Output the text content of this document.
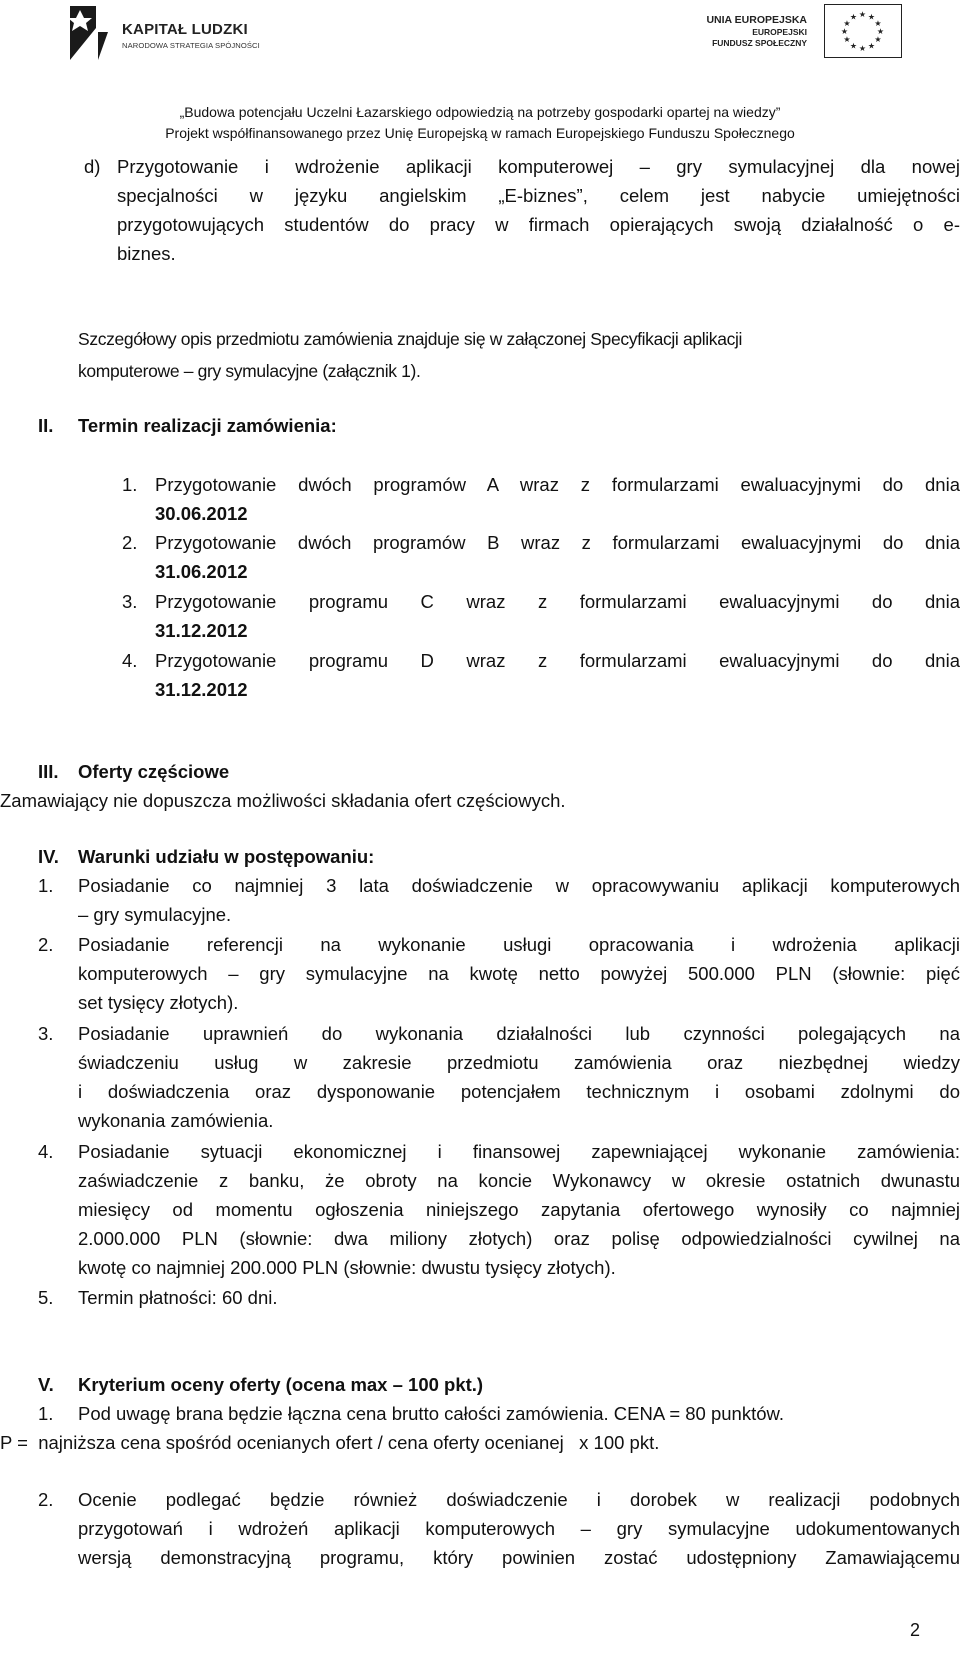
KAPITAŁ LUDZKI
NARODOWA STRATEGIA SPÓJNOŚCI
UNIA EUROPEJSKA
EUROPEJSKI
FUNDUSZ SPOŁECZNY
★ ★
★
★
★
★
★
★
★
★
★
★
„Budowa potencjału Uczelni Łazarskiego odpowiedzią na potrzeby gospodarki opartej na wiedzy”
Projekt współfinansowanego przez Unię Europejską w ramach Europejskiego Funduszu Społecznego
d) Przygotowanie i wdrożenie aplikacji komputerowej – gry symulacyjnej dla nowej
specjalności w języku angielskim „E-biznes”, celem jest nabycie umiejętności
przygotowujących studentów do pracy w firmach opierających swoją działalność o e-
biznes.
Szczegółowy opis przedmiotu zamówienia znajduje się w załączonej Specyfikacji aplikacji
komputerowe – gry symulacyjne (załącznik 1).
II. Termin realizacji zamówienia:
1. Przygotowanie dwóch programów A wraz z formularzami ewaluacyjnymi do dnia
30.06.2012
2. Przygotowanie dwóch programów B wraz z formularzami ewaluacyjnymi do dnia
31.06.2012
3. Przygotowanie programu C wraz z formularzami ewaluacyjnymi do dnia
31.12.2012
4. Przygotowanie programu D wraz z formularzami ewaluacyjnymi do dnia
31.12.2012
III. Oferty częściowe
Zamawiający nie dopuszcza możliwości składania ofert częściowych.
IV. Warunki udziału w postępowaniu:
1. Posiadanie co najmniej 3 lata doświadczenie w opracowywaniu aplikacji komputerowych
– gry symulacyjne.
2. Posiadanie referencji na wykonanie usługi opracowania i wdrożenia aplikacji
komputerowych – gry symulacyjne na kwotę netto powyżej 500.000 PLN (słownie: pięć
set tysięcy złotych).
3. Posiadanie uprawnień do wykonania działalności lub czynności polegających na
świadczeniu usług w zakresie przedmiotu zamówienia oraz niezbędnej wiedzy
i doświadczenia oraz dysponowanie potencjałem technicznym i osobami zdolnymi do
wykonania zamówienia.
4. Posiadanie sytuacji ekonomicznej i finansowej zapewniającej wykonanie zamówienia:
zaświadczenie z banku, że obroty na koncie Wykonawcy w okresie ostatnich dwunastu
miesięcy od momentu ogłoszenia niniejszego zapytania ofertowego wynosiły co najmniej
2.000.000 PLN (słownie: dwa miliony złotych) oraz polisę odpowiedzialności cywilnej na
kwotę co najmniej 200.000 PLN (słownie: dwustu tysięcy złotych).
5. Termin płatności: 60 dni.
V. Kryterium oceny oferty (ocena max – 100 pkt.)
1. Pod uwagę brana będzie łączna cena brutto całości zamówienia. CENA = 80 punktów.
P =  najniższa cena spośród ocenianych ofert / cena oferty ocenianej   x 100 pkt.
2. Ocenie podlegać będzie również doświadczenie i dorobek w realizacji podobnych
przygotowań i wdrożeń aplikacji komputerowych – gry symulacyjne udokumentowanych
wersją demonstracyjną programu, który powinien zostać udostępniony Zamawiającemu
2
